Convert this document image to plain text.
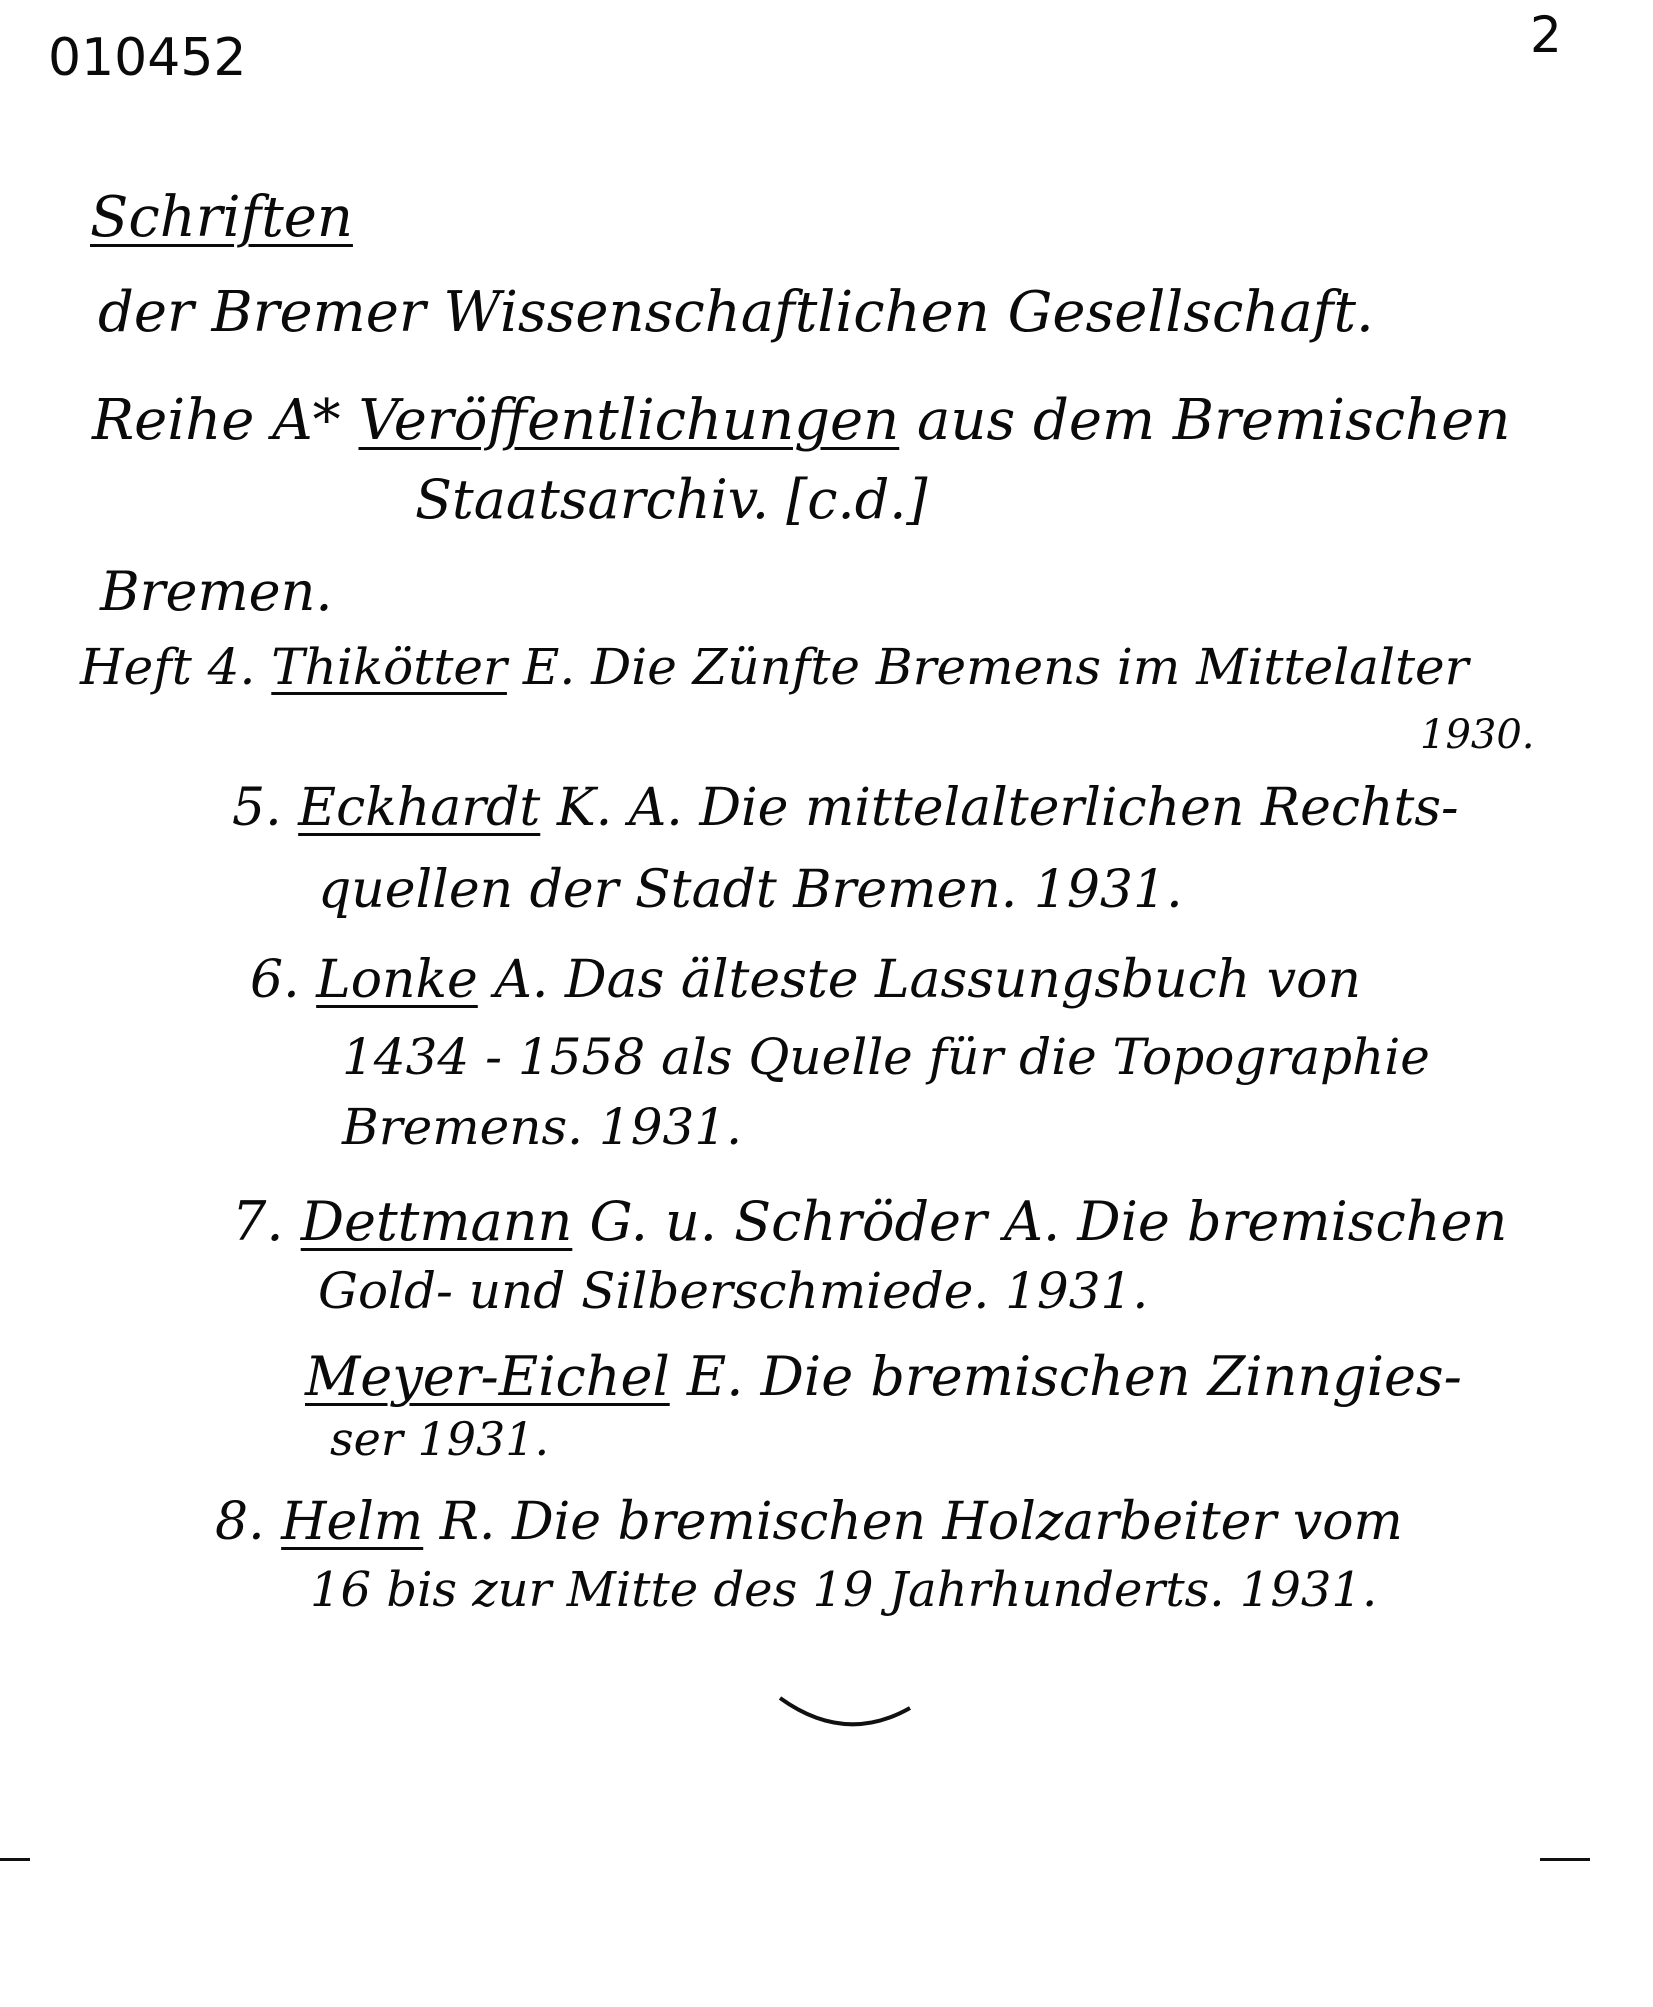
010452	2
Schriften
der Bremer Wissenschaftlichen Gesellschaft.
Reihe A* Veröffentlichungen aus dem Bremischen
Staatsarchiv. [c.d.]
Bremen.
Heft 4. Thikötter E. Die Zünfte Bremens im Mittelalter
1930.
5. Eckhardt K. A. Die mittelalterlichen Rechts-
quellen der Stadt Bremen. 1931.
6. Lonke A. Das älteste Lassungsbuch von
1434 - 1558 als Quelle für die Topographie
Bremens. 1931.
7. Dettmann G. u. Schröder A. Die bremischen
Gold- und Silberschmiede. 1931.
Meyer-Eichel E. Die bremischen Zinngies-
ser 1931.
8. Helm R. Die bremischen Holzarbeiter vom
16 bis zur Mitte des 19 Jahrhunderts. 1931.
